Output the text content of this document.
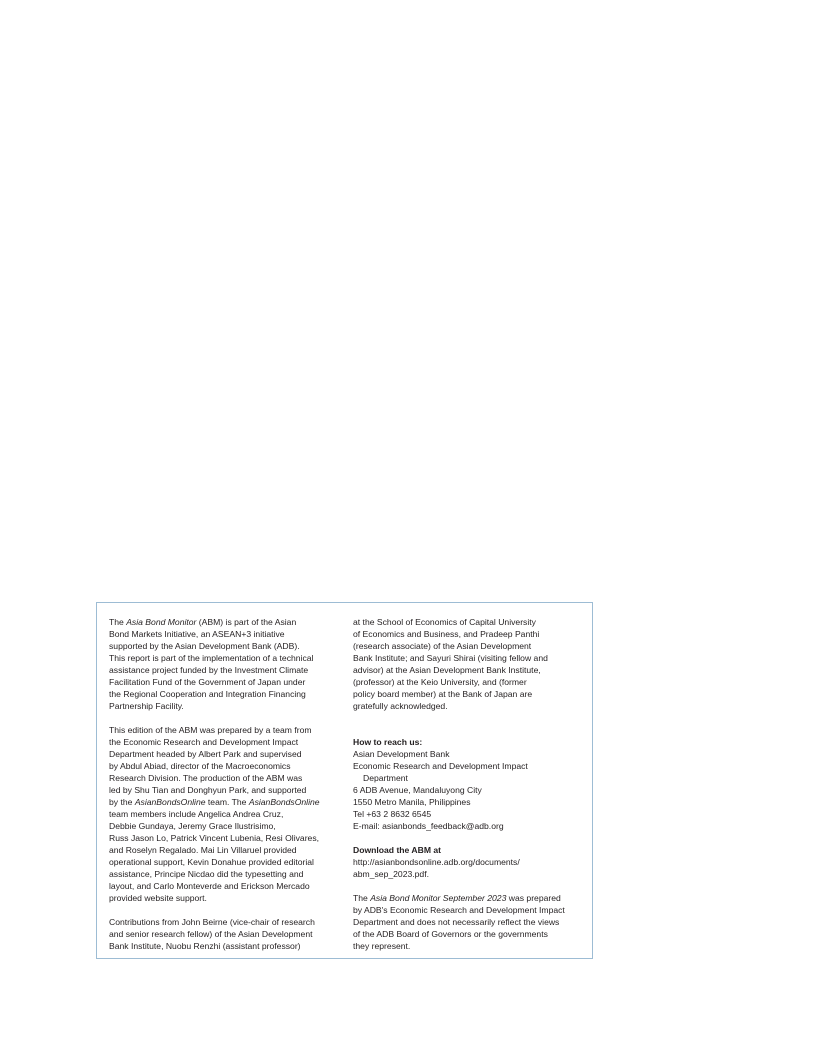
The Asia Bond Monitor (ABM) is part of the Asian
Bond Markets Initiative, an ASEAN+3 initiative
supported by the Asian Development Bank (ADB).
This report is part of the implementation of a technical
assistance project funded by the Investment Climate
Facilitation Fund of the Government of Japan under
the Regional Cooperation and Integration Financing
Partnership Facility.
This edition of the ABM was prepared by a team from
the Economic Research and Development Impact
Department headed by Albert Park and supervised
by Abdul Abiad, director of the Macroeconomics
Research Division. The production of the ABM was
led by Shu Tian and Donghyun Park, and supported
by the AsianBondsOnline team. The AsianBondsOnline
team members include Angelica Andrea Cruz,
Debbie Gundaya, Jeremy Grace Ilustrisimo,
Russ Jason Lo, Patrick Vincent Lubenia, Resi Olivares,
and Roselyn Regalado. Mai Lin Villaruel provided
operational support, Kevin Donahue provided editorial
assistance, Principe Nicdao did the typesetting and
layout, and Carlo Monteverde and Erickson Mercado
provided website support.
Contributions from John Beirne (vice-chair of research
and senior research fellow) of the Asian Development
Bank Institute, Nuobu Renzhi (assistant professor)
at the School of Economics of Capital University
of Economics and Business, and Pradeep Panthi
(research associate) of the Asian Development
Bank Institute; and Sayuri Shirai (visiting fellow and
advisor) at the Asian Development Bank Institute,
(professor) at the Keio University, and (former
policy board member) at the Bank of Japan are
gratefully acknowledged.
How to reach us:
Asian Development Bank
Economic Research and Development Impact
Department
6 ADB Avenue, Mandaluyong City
1550 Metro Manila, Philippines
Tel +63 2 8632 6545
E-mail: asianbonds_feedback@adb.org
Download the ABM at
http://asianbondsonline.adb.org/documents/
abm_sep_2023.pdf.
The Asia Bond Monitor September 2023 was prepared
by ADB's Economic Research and Development Impact
Department and does not necessarily reflect the views
of the ADB Board of Governors or the governments
they represent.
